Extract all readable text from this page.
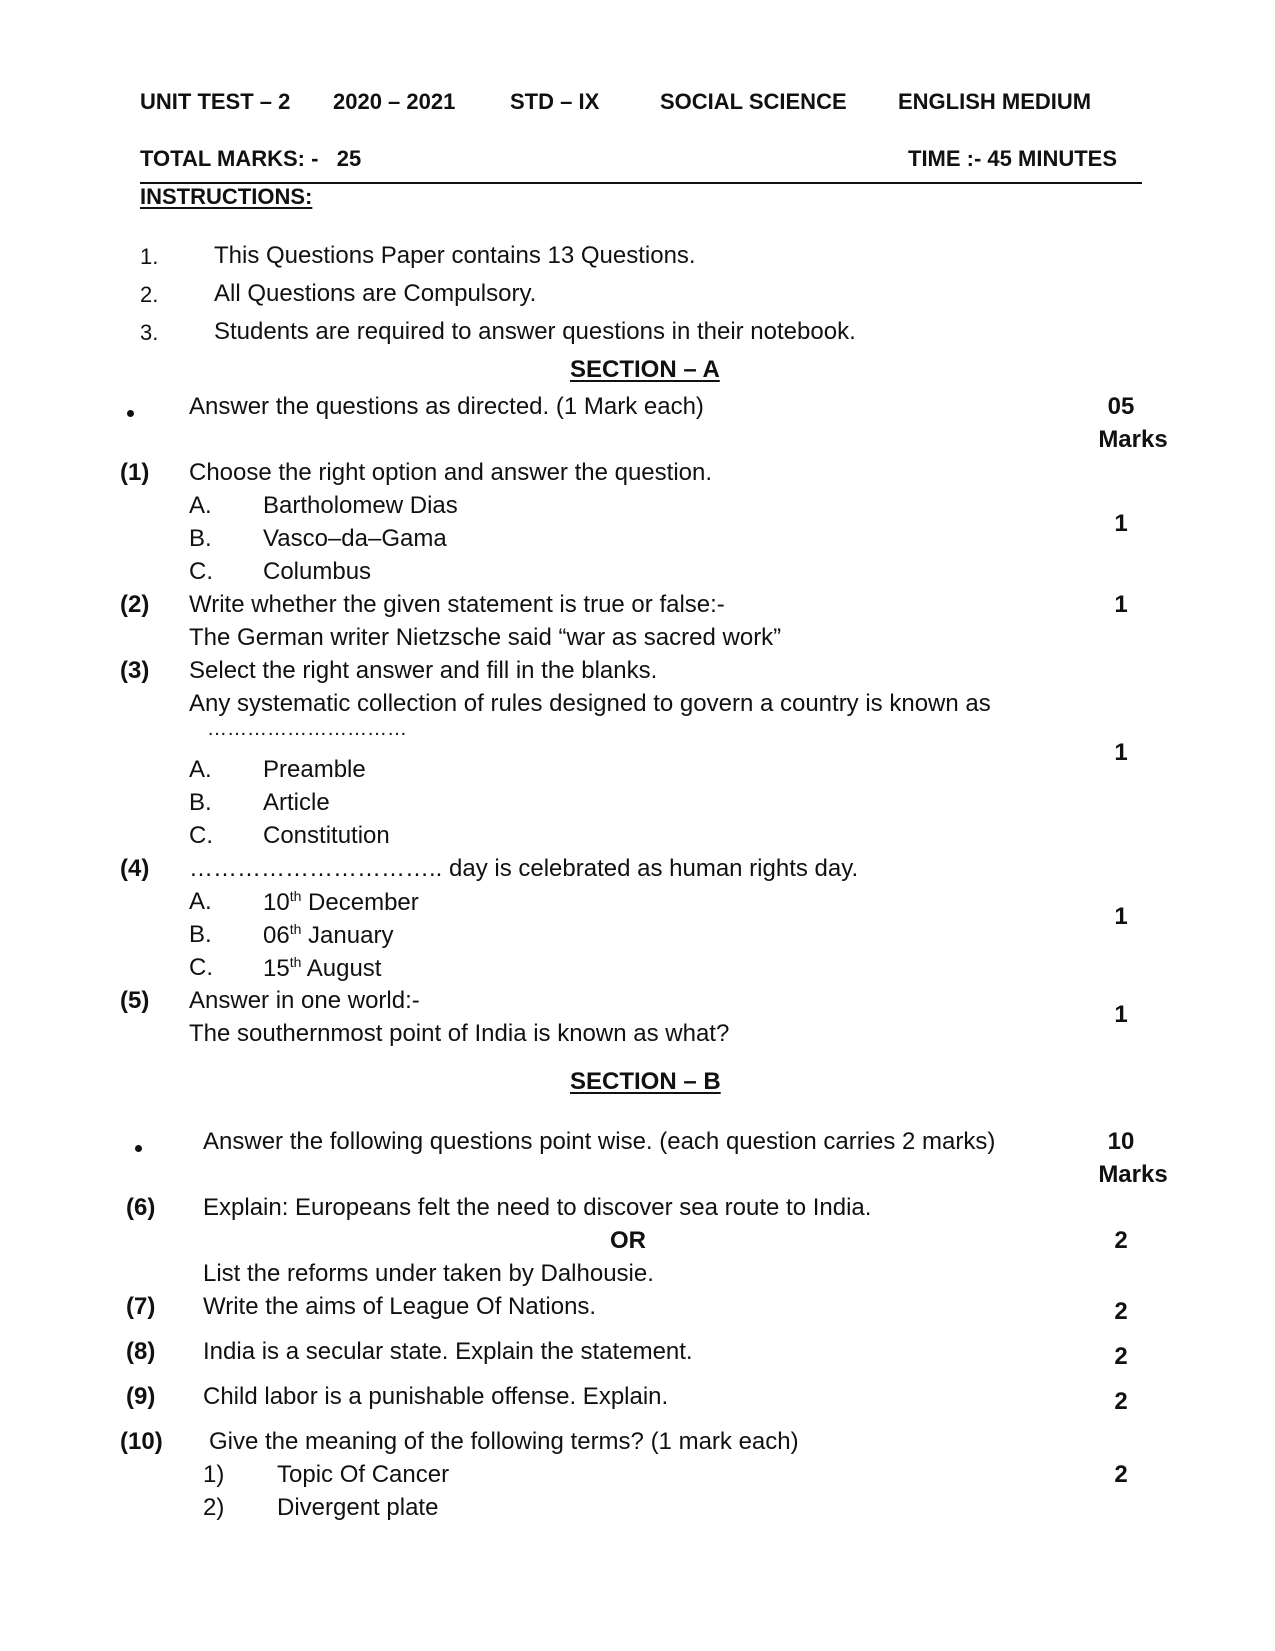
UNIT TEST – 2 2020 – 2021 STD – IX	SOCIAL SCIENCE ENGLISH MEDIUM
TOTAL MARKS: -   25	TIME :- 45 MINUTES
INSTRUCTIONS:
1. This Questions Paper contains 13 Questions.
2. All Questions are Compulsory.
3. Students are required to answer questions in their notebook.
SECTION – A
Answer the questions as directed. (1 Mark each)	05
Marks
(1) Choose the right option and answer the question.
A. Bartholomew Dias
B. Vasco–da–Gama
C. Columbus
1
(2) Write whether the given statement is true or false:-
The German writer Nietzsche said “war as sacred work”
1
(3) Select the right answer and fill in the blanks.
Any systematic collection of rules designed to govern a country is known as
…………………………
A. Preamble
B. Article
C. Constitution
1
(4) ………………………….. day is celebrated as human rights day.
A. 10th December
B. 06th January
C. 15th August
1
(5) Answer in one world:-
The southernmost point of India is known as what?
1
SECTION – B
Answer the following questions point wise. (each question carries 2 marks)	10
Marks
(6) Explain: Europeans felt the need to discover sea route to India.
OR
List the reforms under taken by Dalhousie.
2
(7) Write the aims of League Of Nations.	2
(8) India is a secular state. Explain the statement.	2
(9) Child labor is a punishable offense. Explain.	2
(10) Give the meaning of the following terms? (1 mark each)
1) Topic Of Cancer
2) Divergent plate
2
